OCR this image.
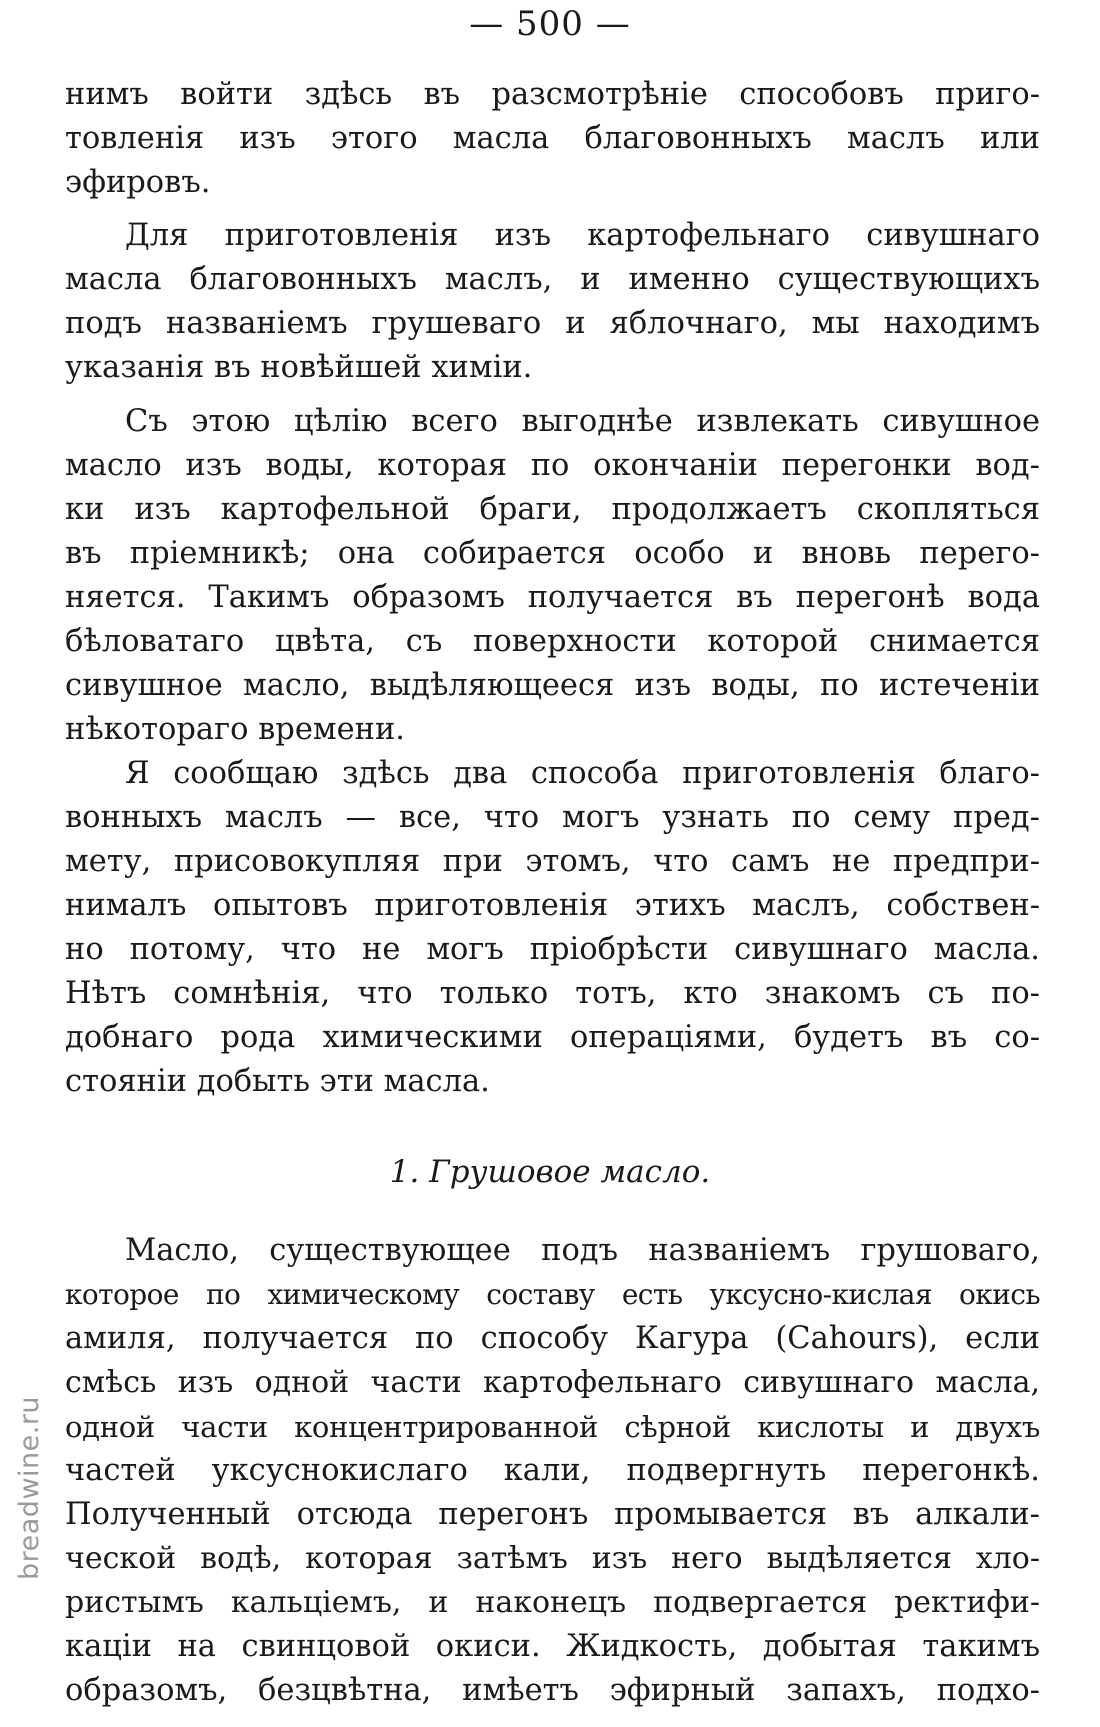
— 500 —
нимъ войти здѣсь въ разсмотрѣніе способовъ приго-
товленія изъ этого масла благовонныхъ маслъ или
эфировъ.
Для приготовленія изъ картофельнаго сивушнаго
масла благовонныхъ маслъ, и именно существующихъ
подъ названіемъ грушеваго и яблочнаго, мы находимъ
указанія въ новѣйшей химіи.
Съ этою цѣлію всего выгоднѣе извлекать сивушное
масло изъ воды, которая по окончаніи перегонки вод-
ки изъ картофельной браги, продолжаетъ скопляться
въ пріемникѣ; она собирается особо и вновь перего-
няется. Такимъ образомъ получается въ перегонѣ вода
бѣловатаго цвѣта, съ поверхности которой снимается
сивушное масло, выдѣляющееся изъ воды, по истеченіи
нѣкотораго времени.
Я сообщаю здѣсь два способа приготовленія благо-
вонныхъ маслъ — все, что могъ узнать по сему пред-
мету, присовокупляя при этомъ, что самъ не предпри-
нималъ опытовъ приготовленія этихъ маслъ, собствен-
но потому, что не могъ пріобрѣсти сивушнаго масла.
Нѣтъ сомнѣнія, что только тотъ, кто знакомъ съ по-
добнаго рода химическими операціями, будетъ въ со-
стояніи добыть эти масла.
1. Грушовое масло.
Масло, существующее подъ названіемъ грушоваго,
которое по химическому составу есть уксусно-кислая окись
амиля, получается по способу Кагура (Cahours), если
смѣсь изъ одной части картофельнаго сивушнаго масла,
одной части концентрированной сѣрной кислоты и двухъ
частей уксуснокислаго кали, подвергнуть перегонкѣ.
Полученный отсюда перегонъ промывается въ алкали-
ческой водѣ, которая затѣмъ изъ него выдѣляется хло-
ристымъ кальціемъ, и наконецъ подвергается ректифи-
каціи на свинцовой окиси. Жидкость, добытая такимъ
образомъ, безцвѣтна, имѣетъ эфирный запахъ, подхо-
breadwine.ru
